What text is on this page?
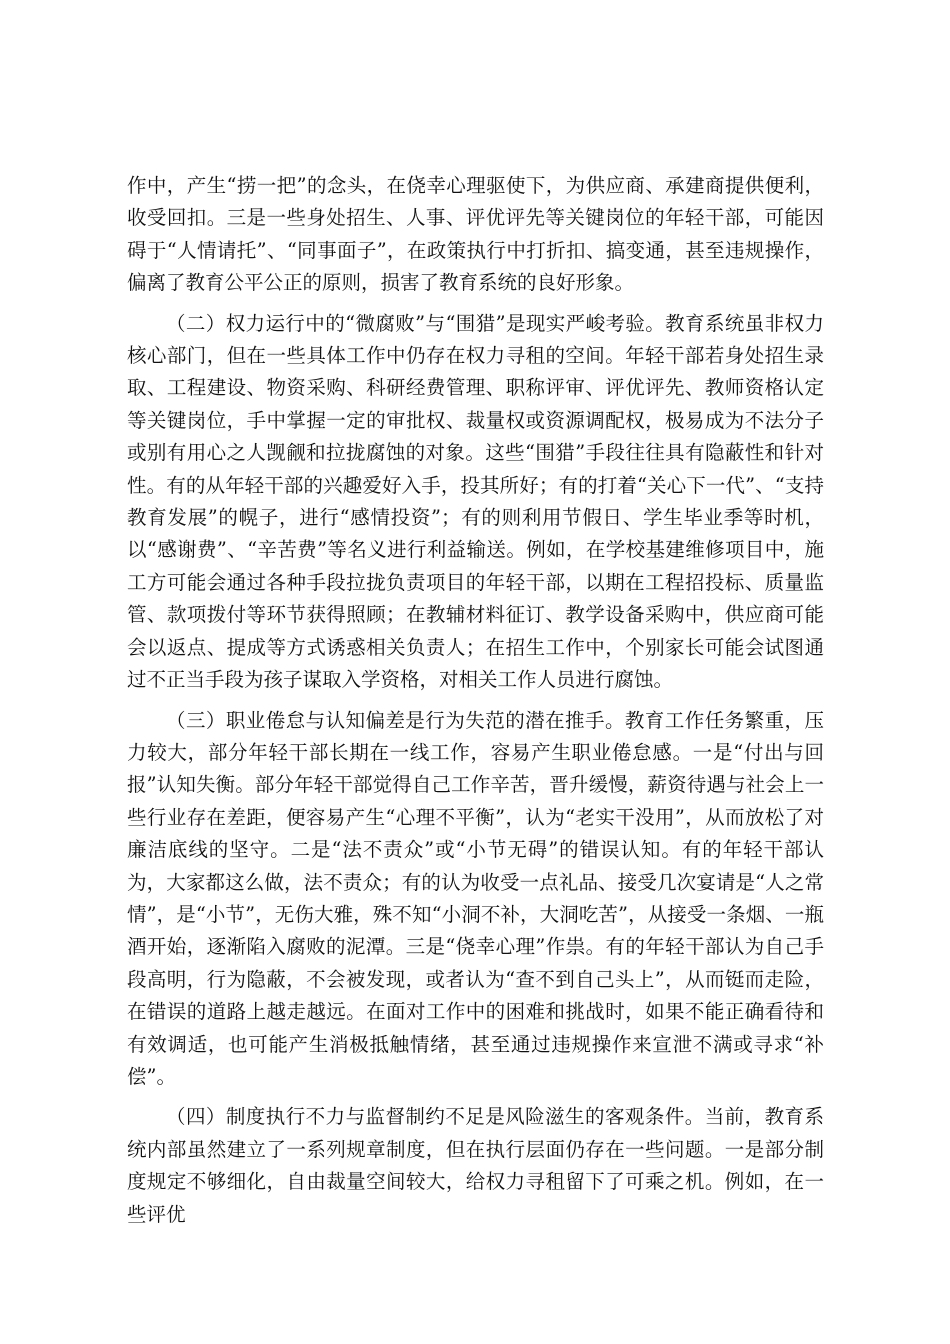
作中，产生“捞一把”的念头，在侥幸心理驱使下，为供应商、承建商提供便利，收受回扣。三是一些身处招生、人事、评优评先等关键岗位的年轻干部，可能因碍于“人情请托”、“同事面子”，在政策执行中打折扣、搞变通，甚至违规操作，偏离了教育公平公正的原则，损害了教育系统的良好形象。

（二）权力运行中的“微腐败”与“围猎”是现实严峻考验。教育系统虽非权力核心部门，但在一些具体工作中仍存在权力寻租的空间。年轻干部若身处招生录取、工程建设、物资采购、科研经费管理、职称评审、评优评先、教师资格认定等关键岗位，手中掌握一定的审批权、裁量权或资源调配权，极易成为不法分子或别有用心之人觊觎和拉拢腐蚀的对象。这些“围猎”手段往往具有隐蔽性和针对性。有的从年轻干部的兴趣爱好入手，投其所好；有的打着“关心下一代”、“支持教育发展”的幌子，进行“感情投资”；有的则利用节假日、学生毕业季等时机，以“感谢费”、“辛苦费”等名义进行利益输送。例如，在学校基建维修项目中，施工方可能会通过各种手段拉拢负责项目的年轻干部，以期在工程招投标、质量监管、款项拨付等环节获得照顾；在教辅材料征订、教学设备采购中，供应商可能会以返点、提成等方式诱惑相关负责人；在招生工作中，个别家长可能会试图通过不正当手段为孩子谋取入学资格，对相关工作人员进行腐蚀。

（三）职业倦怠与认知偏差是行为失范的潜在推手。教育工作任务繁重，压力较大，部分年轻干部长期在一线工作，容易产生职业倦怠感。一是“付出与回报”认知失衡。部分年轻干部觉得自己工作辛苦，晋升缓慢，薪资待遇与社会上一些行业存在差距，便容易产生“心理不平衡”，认为“老实干没用”，从而放松了对廉洁底线的坚守。二是“法不责众”或“小节无碍”的错误认知。有的年轻干部认为，大家都这么做，法不责众；有的认为收受一点礼品、接受几次宴请是“人之常情”，是“小节”，无伤大雅，殊不知“小洞不补，大洞吃苦”，从接受一条烟、一瓶酒开始，逐渐陷入腐败的泥潭。三是“侥幸心理”作祟。有的年轻干部认为自己手段高明，行为隐蔽，不会被发现，或者认为“查不到自己头上”，从而铤而走险，在错误的道路上越走越远。在面对工作中的困难和挑战时，如果不能正确看待和有效调适，也可能产生消极抵触情绪，甚至通过违规操作来宣泄不满或寻求“补偿”。

（四）制度执行不力与监督制约不足是风险滋生的客观条件。当前，教育系统内部虽然建立了一系列规章制度，但在执行层面仍存在一些问题。一是部分制度规定不够细化，自由裁量空间较大，给权力寻租留下了可乘之机。例如，在一些评优
